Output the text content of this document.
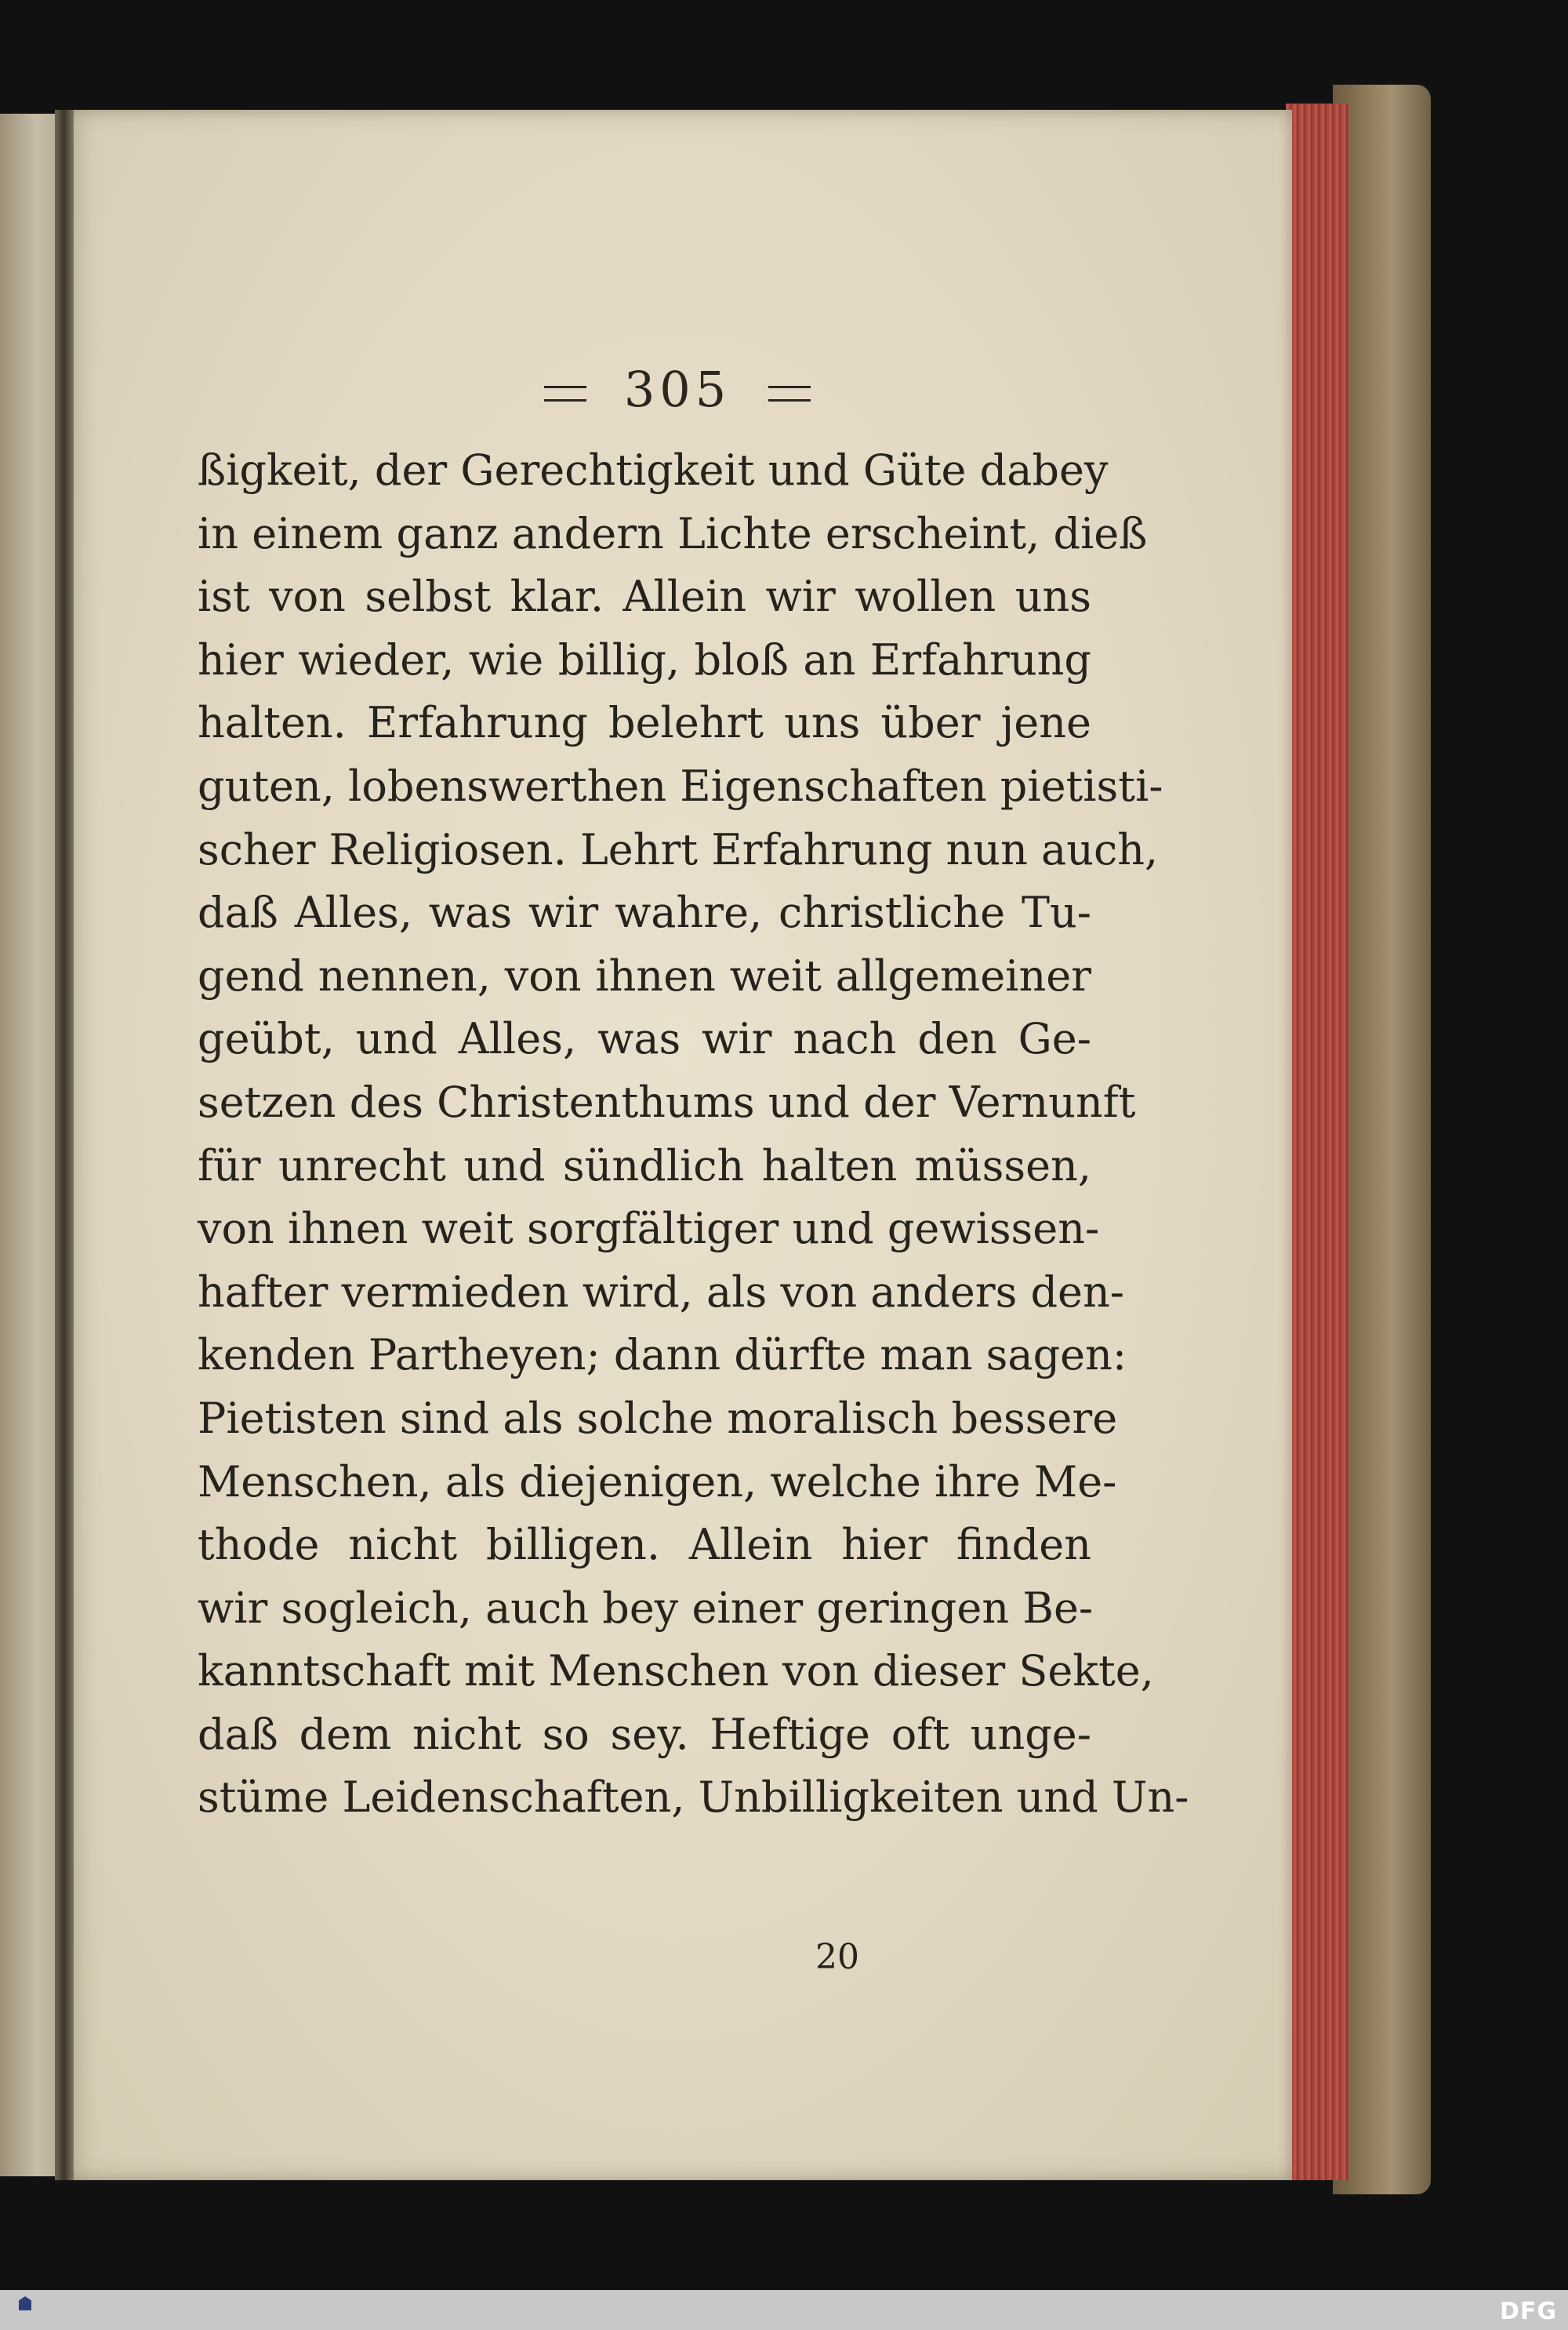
305
ßigkeit, der Gerechtigkeit und Güte dabey
in einem ganz andern Lichte erscheint, dieß
ist von selbst klar. Allein wir wollen uns
hier wieder, wie billig, bloß an Erfahrung
halten. Erfahrung belehrt uns über jene
guten, lobenswerthen Eigenschaften pietisti-
scher Religiosen. Lehrt Erfahrung nun auch,
daß Alles, was wir wahre, christliche Tu-
gend nennen, von ihnen weit allgemeiner
geübt, und Alles, was wir nach den Ge-
setzen des Christenthums und der Vernunft
für unrecht und sündlich halten müssen,
von ihnen weit sorgfältiger und gewissen-
hafter vermieden wird, als von anders den-
kenden Partheyen; dann dürfte man sagen:
Pietisten sind als solche moralisch bessere
Menschen, als diejenigen, welche ihre Me-
thode nicht billigen. Allein hier finden
wir sogleich, auch bey einer geringen Be-
kanntschaft mit Menschen von dieser Sekte,
daß dem nicht so sey. Heftige oft unge-
stüme Leidenschaften, Unbilligkeiten und Un-
20
DFG
